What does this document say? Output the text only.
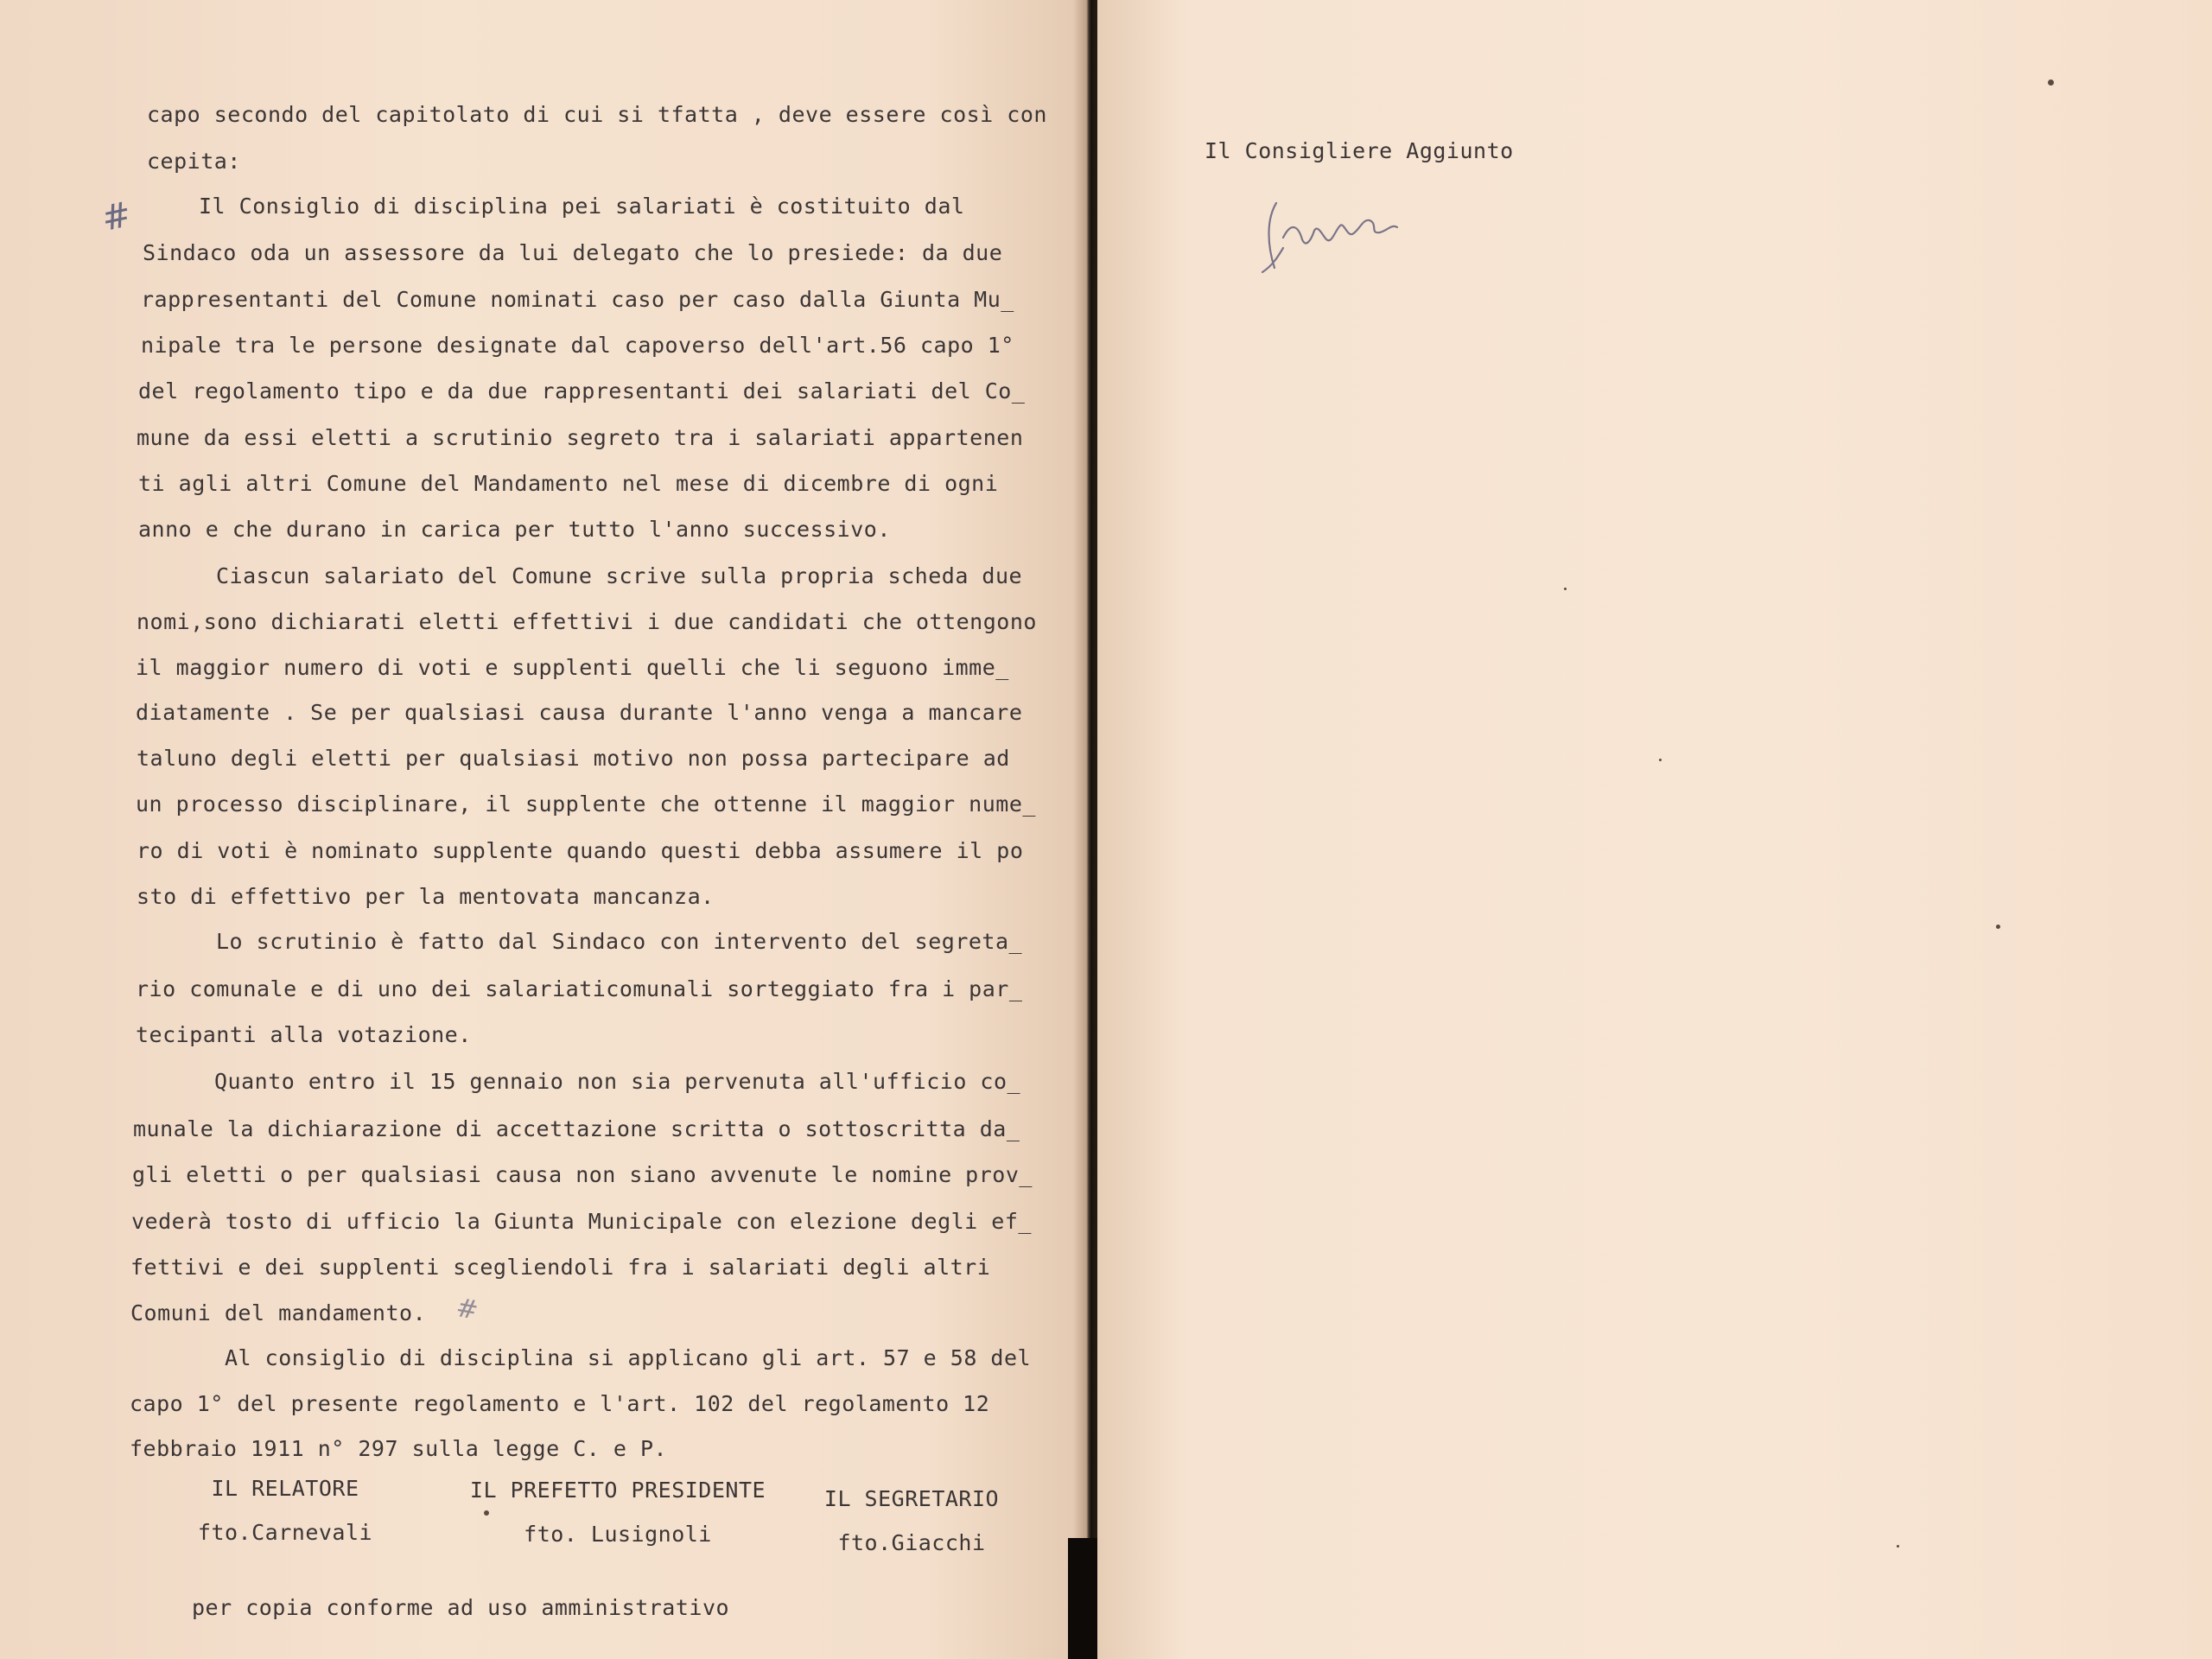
capo secondo del capitolato di cui si tfatta , deve essere così con
cepita:
Il Consiglio di disciplina pei salariati è costituito dal
Sindaco oda un assessore da lui delegato che lo presiede: da due
rappresentanti del Comune nominati caso per caso dalla Giunta Mu_
nipale tra le persone designate dal capoverso dell'art.56 capo 1°
del regolamento tipo e da due rappresentanti dei salariati del Co_
mune da essi eletti a scrutinio segreto tra i salariati appartenen
ti agli altri Comune del Mandamento nel mese di dicembre di ogni
anno e che durano in carica per tutto l'anno successivo.
Ciascun salariato del Comune scrive sulla propria scheda due
nomi,sono dichiarati eletti effettivi i due candidati che ottengono
il maggior numero di voti e supplenti quelli che li seguono imme_
diatamente . Se per qualsiasi causa durante l'anno venga a mancare
taluno degli eletti per qualsiasi motivo non possa partecipare ad
un processo disciplinare, il supplente che ottenne il maggior nume_
ro di voti è nominato supplente quando questi debba assumere il po
sto di effettivo per la mentovata mancanza.
Lo scrutinio è fatto dal Sindaco con intervento del segreta_
rio comunale e di uno dei salariaticomunali sorteggiato fra i par_
tecipanti alla votazione.
Quanto entro il 15 gennaio non sia pervenuta all'ufficio co_
munale la dichiarazione di accettazione scritta o sottoscritta da_
gli eletti o per qualsiasi causa non siano avvenute le nomine prov_
vederà tosto di ufficio la Giunta Municipale con elezione degli ef_
fettivi e dei supplenti scegliendoli fra i salariati degli altri
Comuni del mandamento.
Al consiglio di disciplina si applicano gli art. 57 e 58 del
capo 1° del presente regolamento e l'art. 102 del regolamento 12
febbraio 1911 n° 297 sulla legge C. e P.
#
#
IL RELATORE
fto.Carnevali
IL PREFETTO PRESIDENTE
fto. Lusignoli
IL SEGRETARIO
fto.Giacchi
per copia conforme ad uso amministrativo
Il Consigliere Aggiunto
